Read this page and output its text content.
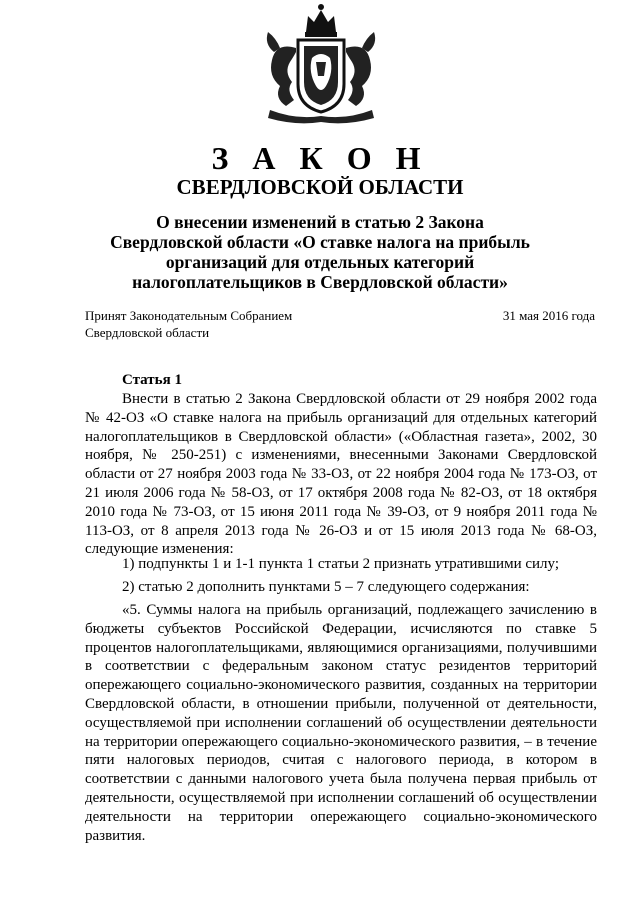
З А К О Н
СВЕРДЛОВСКОЙ ОБЛАСТИ
О внесении изменений в статью 2 Закона
Свердловской области «О ставке налога на прибыль
организаций для отдельных категорий
налогоплательщиков в Свердловской области»
Принят Законодательным Собранием
Свердловской области
31 мая 2016 года
Статья 1

Внести в статью 2 Закона Свердловской области от 29 ноября 2002 года № 42-ОЗ «О ставке налога на прибыль организаций для отдельных категорий налогоплательщиков в Свердловской области» («Областная газета», 2002, 30 ноября, № 250-251) с изменениями, внесенными Законами Свердловской области от 27 ноября 2003 года № 33-ОЗ, от 22 ноября 2004 года № 173-ОЗ, от 21 июля 2006 года № 58-ОЗ, от 17 октября 2008 года № 82-ОЗ, от 18 октября 2010 года № 73-ОЗ, от 15 июня 2011 года № 39-ОЗ, от 9 ноября 2011 года № 113-ОЗ, от 8 апреля 2013 года № 26-ОЗ и от 15 июля 2013 года № 68-ОЗ, следующие изменения:

1) подпункты 1 и 1-1 пункта 1 статьи 2 признать утратившими силу;

2) статью 2 дополнить пунктами 5 – 7 следующего содержания:

«5. Суммы налога на прибыль организаций, подлежащего зачислению в бюджеты субъектов Российской Федерации, исчисляются по ставке 5 процентов налогоплательщиками, являющимися организациями, получившими в соответствии с федеральным законом статус резидентов территорий опережающего социально-экономического развития, созданных на территории Свердловской области, в отношении прибыли, полученной от деятельности, осуществляемой при исполнении соглашений об осуществлении деятельности на территории опережающего социально-экономического развития, – в течение пяти налоговых периодов, считая с налогового периода, в котором в соответствии с данными налогового учета была получена первая прибыль от деятельности, осуществляемой при исполнении соглашений об осуществлении деятельности на территории опережающего социально-экономического развития.
